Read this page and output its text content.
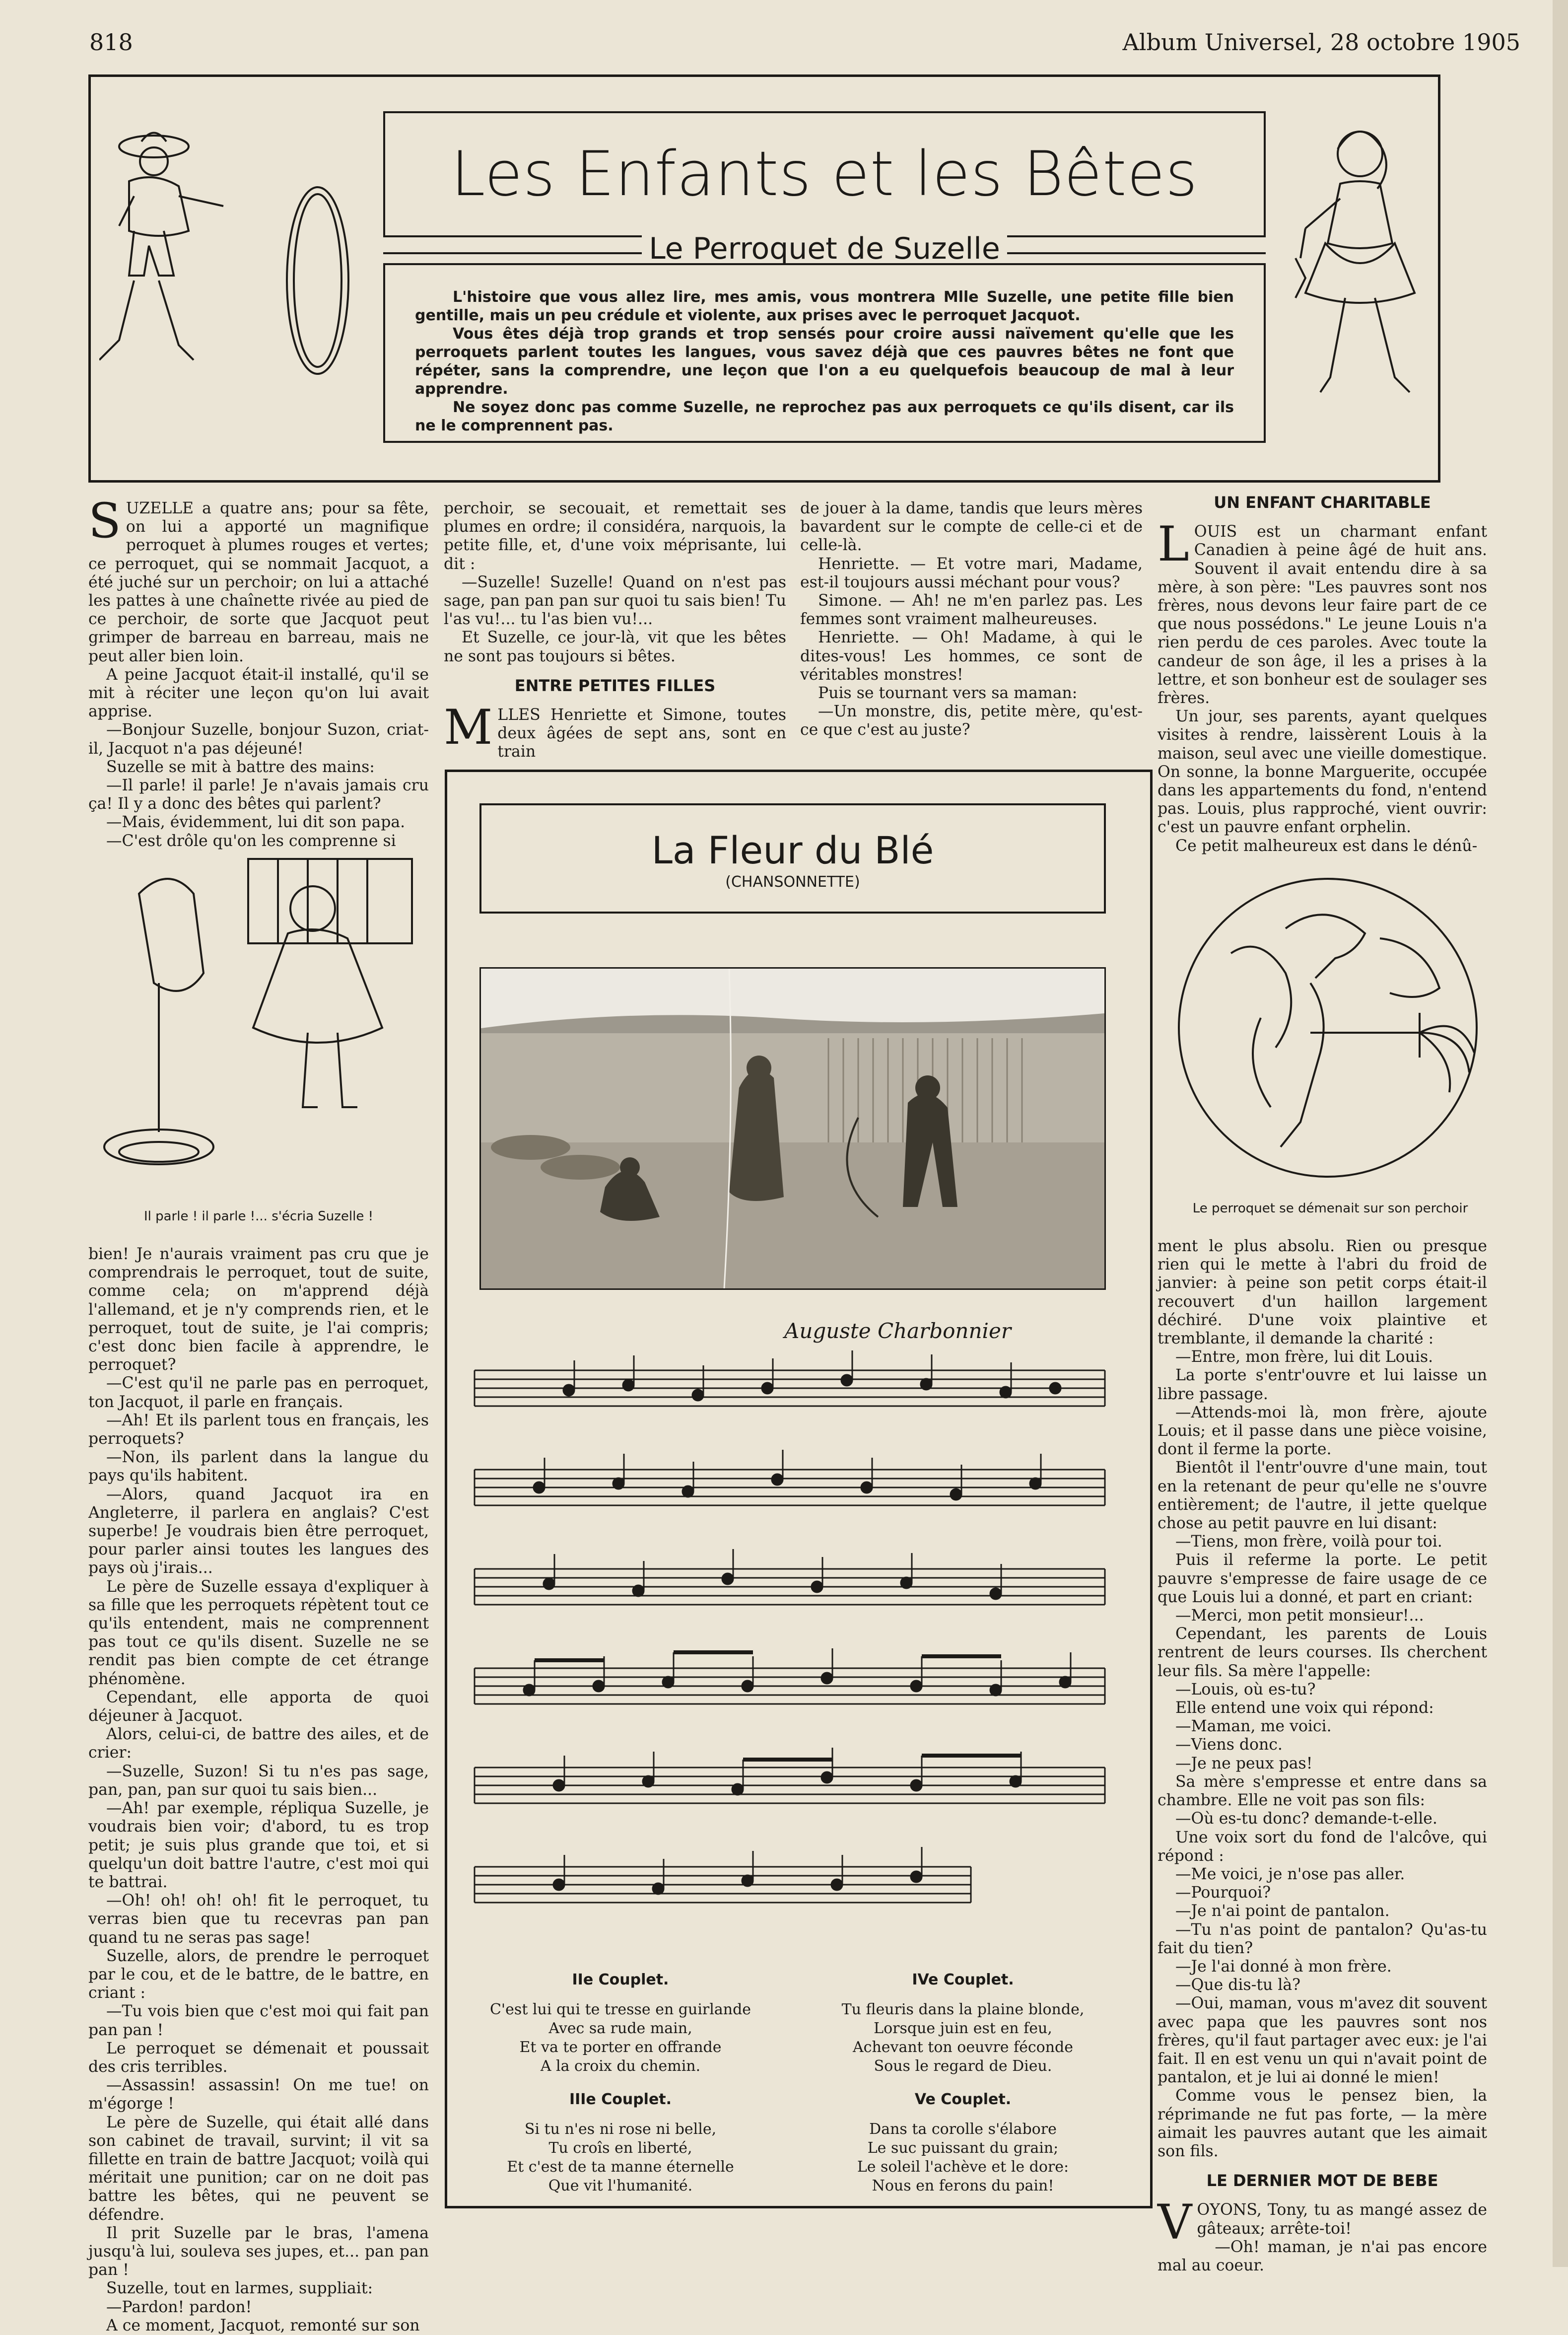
818	Album Universel, 28 octobre 1905
Les Enfants et les Bêtes
Le Perroquet de Suzelle

L'histoire que vous allez lire, mes amis, vous montrera Mlle Suzelle, une petite fille bien gentille, mais un peu crédule et violente, aux prises avec le perroquet Jacquot.

Vous êtes déjà trop grands et trop sensés pour croire aussi naïvement qu'elle que les perroquets parlent toutes les langues, vous savez déjà que ces pauvres bêtes ne font que répéter, sans la comprendre, une leçon que l'on a eu quelquefois beaucoup de mal à leur apprendre.

Ne soyez donc pas comme Suzelle, ne reprochez pas aux perroquets ce qu'ils disent, car ils ne le comprennent pas.

S UZELLE a quatre ans; pour sa fête, on lui a apporté un magnifique perroquet à plumes rouges et vertes; ce perroquet, qui se nommait Jacquot, a été juché sur un perchoir; on lui a attaché les pattes à une chaînette rivée au pied de ce perchoir, de sorte que Jacquot peut grimper de barreau en barreau, mais ne peut aller bien loin.

A peine Jacquot était-il installé, qu'il se mit à réciter une leçon qu'on lui avait apprise.

—Bonjour Suzelle, bonjour Suzon, criat-il, Jacquot n'a pas déjeuné!

Suzelle se mit à battre des mains:

—Il parle! il parle! Je n'avais jamais cru ça! Il y a donc des bêtes qui parlent?

—Mais, évidemment, lui dit son papa.

—C'est drôle qu'on les comprenne si

Il parle ! il parle !... s'écria Suzelle !

bien! Je n'aurais vraiment pas cru que je comprendrais le perroquet, tout de suite, comme cela; on m'apprend déjà l'allemand, et je n'y comprends rien, et le perroquet, tout de suite, je l'ai compris; c'est donc bien facile à apprendre, le perroquet?

—C'est qu'il ne parle pas en perroquet, ton Jacquot, il parle en français.

—Ah! Et ils parlent tous en français, les perroquets?

—Non, ils parlent dans la langue du pays qu'ils habitent.

—Alors, quand Jacquot ira en Angleterre, il parlera en anglais? C'est superbe! Je voudrais bien être perroquet, pour parler ainsi toutes les langues des pays où j'irais...

Le père de Suzelle essaya d'expliquer à sa fille que les perroquets répètent tout ce qu'ils entendent, mais ne comprennent pas tout ce qu'ils disent. Suzelle ne se rendit pas bien compte de cet étrange phénomène.

Cependant, elle apporta de quoi déjeuner à Jacquot.

Alors, celui-ci, de battre des ailes, et de crier:

—Suzelle, Suzon! Si tu n'es pas sage, pan, pan, pan sur quoi tu sais bien...

—Ah! par exemple, répliqua Suzelle, je voudrais bien voir; d'abord, tu es trop petit; je suis plus grande que toi, et si quelqu'un doit battre l'autre, c'est moi qui te battrai.

—Oh! oh! oh! oh! fit le perroquet, tu verras bien que tu recevras pan pan quand tu ne seras pas sage!

Suzelle, alors, de prendre le perroquet par le cou, et de le battre, de le battre, en criant :

—Tu vois bien que c'est moi qui fait pan pan pan !

Le perroquet se démenait et poussait des cris terribles.

—Assassin! assassin! On me tue! on m'égorge !

Le père de Suzelle, qui était allé dans son cabinet de travail, survint; il vit sa fillette en train de battre Jacquot; voilà qui méritait une punition; car on ne doit pas battre les bêtes, qui ne peuvent se défendre.

Il prit Suzelle par le bras, l'amena jusqu'à lui, souleva ses jupes, et... pan pan pan !

Suzelle, tout en larmes, suppliait:

—Pardon! pardon!

A ce moment, Jacquot, remonté sur son

perchoir, se secouait, et remettait ses plumes en ordre; il considéra, narquois, la petite fille, et, d'une voix méprisante, lui dit :

—Suzelle! Suzelle! Quand on n'est pas sage, pan pan pan sur quoi tu sais bien! Tu l'as vu!... tu l'as bien vu!...

Et Suzelle, ce jour-là, vit que les bêtes ne sont pas toujours si bêtes.

ENTRE PETITES FILLES
M LLES Henriette et Simone, toutes deux âgées de sept ans, sont en train

de jouer à la dame, tandis que leurs mères bavardent sur le compte de celle-ci et de celle-là.

Henriette. — Et votre mari, Madame, est-il toujours aussi méchant pour vous?

Simone. — Ah! ne m'en parlez pas. Les femmes sont vraiment malheureuses.

Henriette. — Oh! Madame, à qui le dites-vous! Les hommes, ce sont de véritables monstres!

Puis se tournant vers sa maman:

—Un monstre, dis, petite mère, qu'est-ce que c'est au juste?

La Fleur du Blé
(CHANSONNETTE)
Auguste Charbonnier
IIe Couplet.
C'est lui qui te tresse en guirlande
Avec sa rude main,
Et va te porter en offrande
A la croix du chemin.
IIIe Couplet.
Si tu n'es ni rose ni belle,
Tu croîs en liberté,
Et c'est de ta manne éternelle
Que vit l'humanité.
IVe Couplet.
Tu fleuris dans la plaine blonde,
Lorsque juin est en feu,
Achevant ton oeuvre féconde
Sous le regard de Dieu.
Ve Couplet.
Dans ta corolle s'élabore
Le suc puissant du grain;
Le soleil l'achève et le dore:
Nous en ferons du pain!
UN ENFANT CHARITABLE
L OUIS est un charmant enfant Canadien à peine âgé de huit ans. Souvent il avait entendu dire à sa mère, à son père: "Les pauvres sont nos frères, nous devons leur faire part de ce que nous possédons." Le jeune Louis n'a rien perdu de ces paroles. Avec toute la candeur de son âge, il les a prises à la lettre, et son bonheur est de soulager ses frères.

Un jour, ses parents, ayant quelques visites à rendre, laissèrent Louis à la maison, seul avec une vieille domestique. On sonne, la bonne Marguerite, occupée dans les appartements du fond, n'entend pas. Louis, plus rapproché, vient ouvrir: c'est un pauvre enfant orphelin.

Ce petit malheureux est dans le dénû-

Le perroquet se démenait sur son perchoir

ment le plus absolu. Rien ou presque rien qui le mette à l'abri du froid de janvier: à peine son petit corps était-il recouvert d'un haillon largement déchiré. D'une voix plaintive et tremblante, il demande la charité :

—Entre, mon frère, lui dit Louis.

La porte s'entr'ouvre et lui laisse un libre passage.

—Attends-moi là, mon frère, ajoute Louis; et il passe dans une pièce voisine, dont il ferme la porte.

Bientôt il l'entr'ouvre d'une main, tout en la retenant de peur qu'elle ne s'ouvre entièrement; de l'autre, il jette quelque chose au petit pauvre en lui disant:

—Tiens, mon frère, voilà pour toi.

Puis il referme la porte. Le petit pauvre s'empresse de faire usage de ce que Louis lui a donné, et part en criant:

—Merci, mon petit monsieur!...

Cependant, les parents de Louis rentrent de leurs courses. Ils cherchent leur fils. Sa mère l'appelle:

—Louis, où es-tu?

Elle entend une voix qui répond:

—Maman, me voici.

—Viens donc.

—Je ne peux pas!

Sa mère s'empresse et entre dans sa chambre. Elle ne voit pas son fils:

—Où es-tu donc? demande-t-elle.

Une voix sort du fond de l'alcôve, qui répond :

—Me voici, je n'ose pas aller.

—Pourquoi?

—Je n'ai point de pantalon.

—Tu n'as point de pantalon? Qu'as-tu fait du tien?

—Je l'ai donné à mon frère.

—Que dis-tu là?

—Oui, maman, vous m'avez dit souvent avec papa que les pauvres sont nos frères, qu'il faut partager avec eux: je l'ai fait. Il en est venu un qui n'avait point de pantalon, et je lui ai donné le mien!

Comme vous le pensez bien, la réprimande ne fut pas forte, — la mère aimait les pauvres autant que les aimait son fils.

LE DERNIER MOT DE BEBE
V OYONS, Tony, tu as mangé assez de gâteaux; arrête-toi!

—Oh! maman, je n'ai pas encore mal au coeur.
